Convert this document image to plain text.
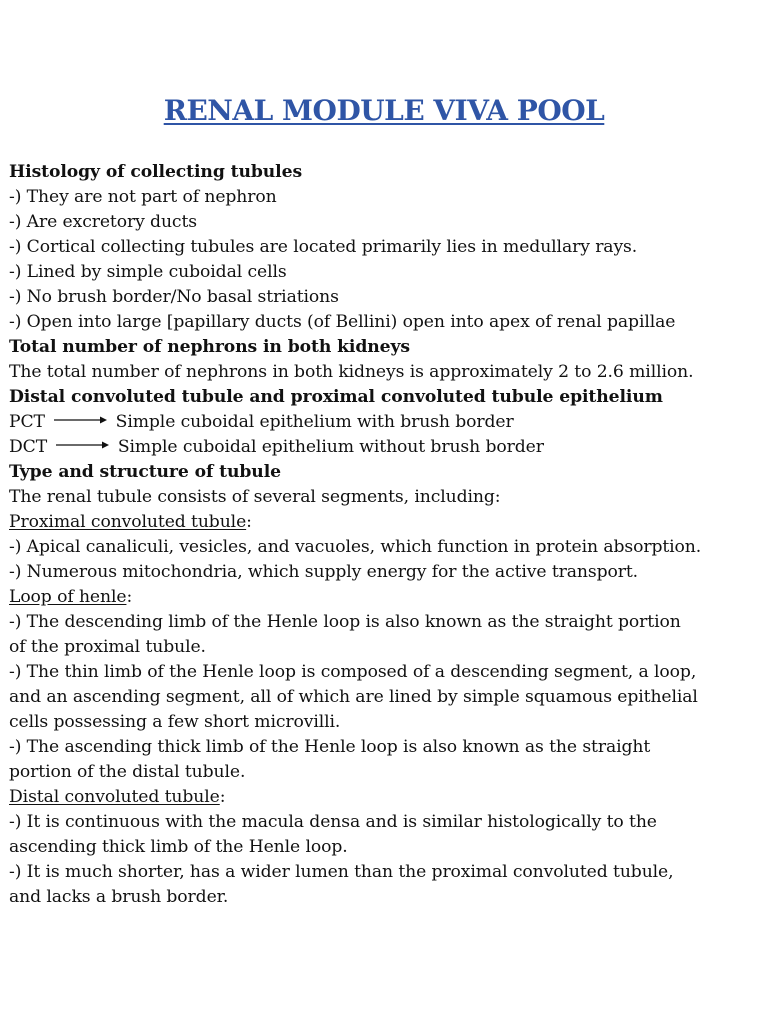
RENAL MODULE VIVA POOL
Histology of collecting tubules
-) They are not part of nephron
-) Are excretory ducts
-) Cortical collecting tubules are located primarily lies in medullary rays.
-) Lined by simple cuboidal cells
-) No brush border/No basal striations
-) Open into large [papillary ducts (of Bellini) open into apex of renal papillae
Total number of nephrons in both kidneys
The total number of nephrons in both kidneys is approximately 2 to 2.6 million.
Distal convoluted tubule and proximal convoluted tubule epithelium
PCT	Simple cuboidal epithelium with brush border
DCT	Simple cuboidal epithelium without brush border
Type and structure of tubule
The renal tubule consists of several segments, including:
Proximal convoluted tubule:
-) Apical canaliculi, vesicles, and vacuoles, which function in protein absorption.
-) Numerous mitochondria, which supply energy for the active transport.
Loop of henle:
-) The descending limb of the Henle loop is also known as the straight portion
of the proximal tubule.
-) The thin limb of the Henle loop is composed of a descending segment, a loop,
and an ascending segment, all of which are lined by simple squamous epithelial
cells possessing a few short microvilli.
-) The ascending thick limb of the Henle loop is also known as the straight
portion of the distal tubule.
Distal convoluted tubule:
-) It is continuous with the macula densa and is similar histologically to the
ascending thick limb of the Henle loop.
-) It is much shorter, has a wider lumen than the proximal convoluted tubule,
and lacks a brush border.
